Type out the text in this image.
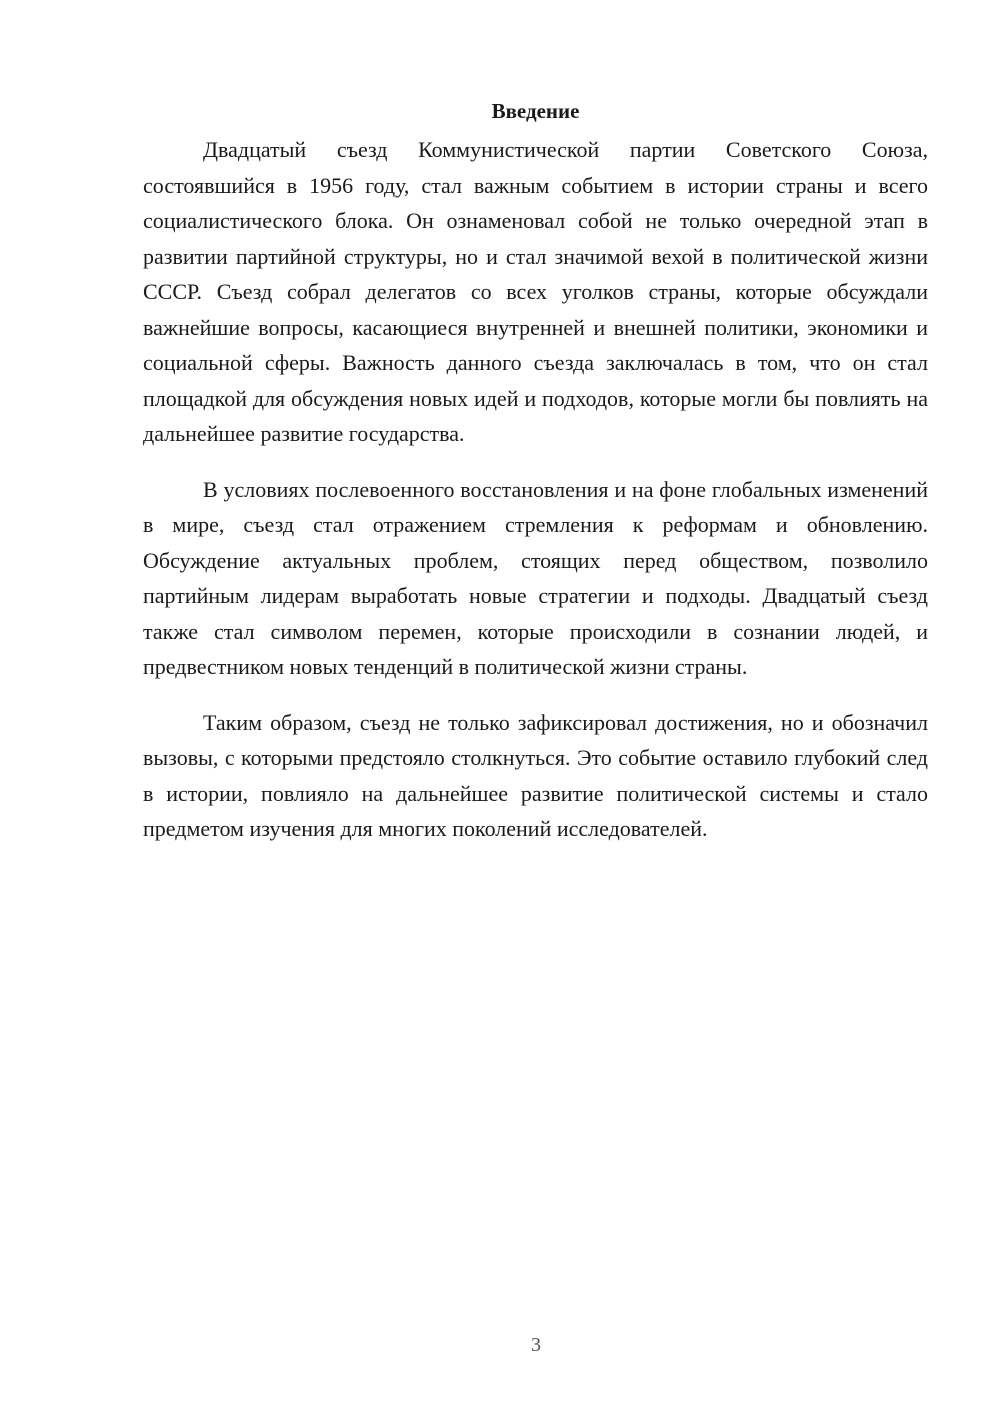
Введение

Двадцатый съезд Коммунистической партии Советского Союза, состоявшийся в 1956 году, стал важным событием в истории страны и всего социалистического блока. Он ознаменовал собой не только очередной этап в развитии партийной структуры, но и стал значимой вехой в политической жизни СССР. Съезд собрал делегатов со всех уголков страны, которые обсуждали важнейшие вопросы, касающиеся внутренней и внешней политики, экономики и социальной сферы. Важность данного съезда заключалась в том, что он стал площадкой для обсуждения новых идей и подходов, которые могли бы повлиять на дальнейшее развитие государства.

В условиях послевоенного восстановления и на фоне глобальных изменений в мире, съезд стал отражением стремления к реформам и обновлению. Обсуждение актуальных проблем, стоящих перед обществом, позволило партийным лидерам выработать новые стратегии и подходы. Двадцатый съезд также стал символом перемен, которые происходили в сознании людей, и предвестником новых тенденций в политической жизни страны.

Таким образом, съезд не только зафиксировал достижения, но и обозначил вызовы, с которыми предстояло столкнуться. Это событие оставило глубокий след в истории, повлияло на дальнейшее развитие политической системы и стало предметом изучения для многих поколений исследователей.

3
